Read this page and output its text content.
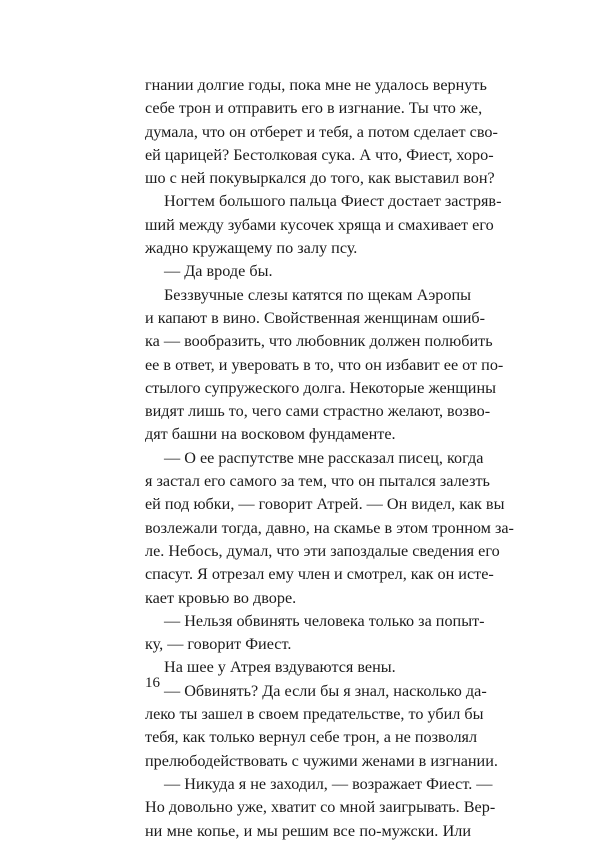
гнании долгие годы, пока мне не удалось вернуть
себе трон и отправить его в изгнание. Ты что же,
думала, что он отберет и тебя, а потом сделает сво-
ей царицей? Бестолковая сука. А что, Фиест, хоро-
шо с ней покувыркался до того, как выставил вон?
Ногтем большого пальца Фиест достает застряв-
ший между зубами кусочек хряща и смахивает его
жадно кружащему по залу псу.
— Да вроде бы.
Беззвучные слезы катятся по щекам Аэропы
и капают в вино. Свойственная женщинам ошиб-
ка — вообразить, что любовник должен полюбить
ее в ответ, и уверовать в то, что он избавит ее от по-
стылого супружеского долга. Некоторые женщины
видят лишь то, чего сами страстно желают, возво-
дят башни на восковом фундаменте.
— О ее распутстве мне рассказал писец, когда
я застал его самого за тем, что он пытался залезть
ей под юбки, — говорит Атрей. — Он видел, как вы
возлежали тогда, давно, на скамье в этом тронном за-
ле. Небось, думал, что эти запоздалые сведения его
спасут. Я отрезал ему член и смотрел, как он исте-
кает кровью во дворе.
— Нельзя обвинять человека только за попыт-
ку, — говорит Фиест.
На шее у Атрея вздуваются вены.
— Обвинять? Да если бы я знал, насколько да-
леко ты зашел в своем предательстве, то убил бы
тебя, как только вернул себе трон, а не позволял
прелюбодействовать с чужими женами в изгнании.
— Никуда я не заходил, — возражает Фиест. —
Но довольно уже, хватит со мной заигрывать. Вер-
ни мне копье, и мы решим все по-мужски. Или
16
